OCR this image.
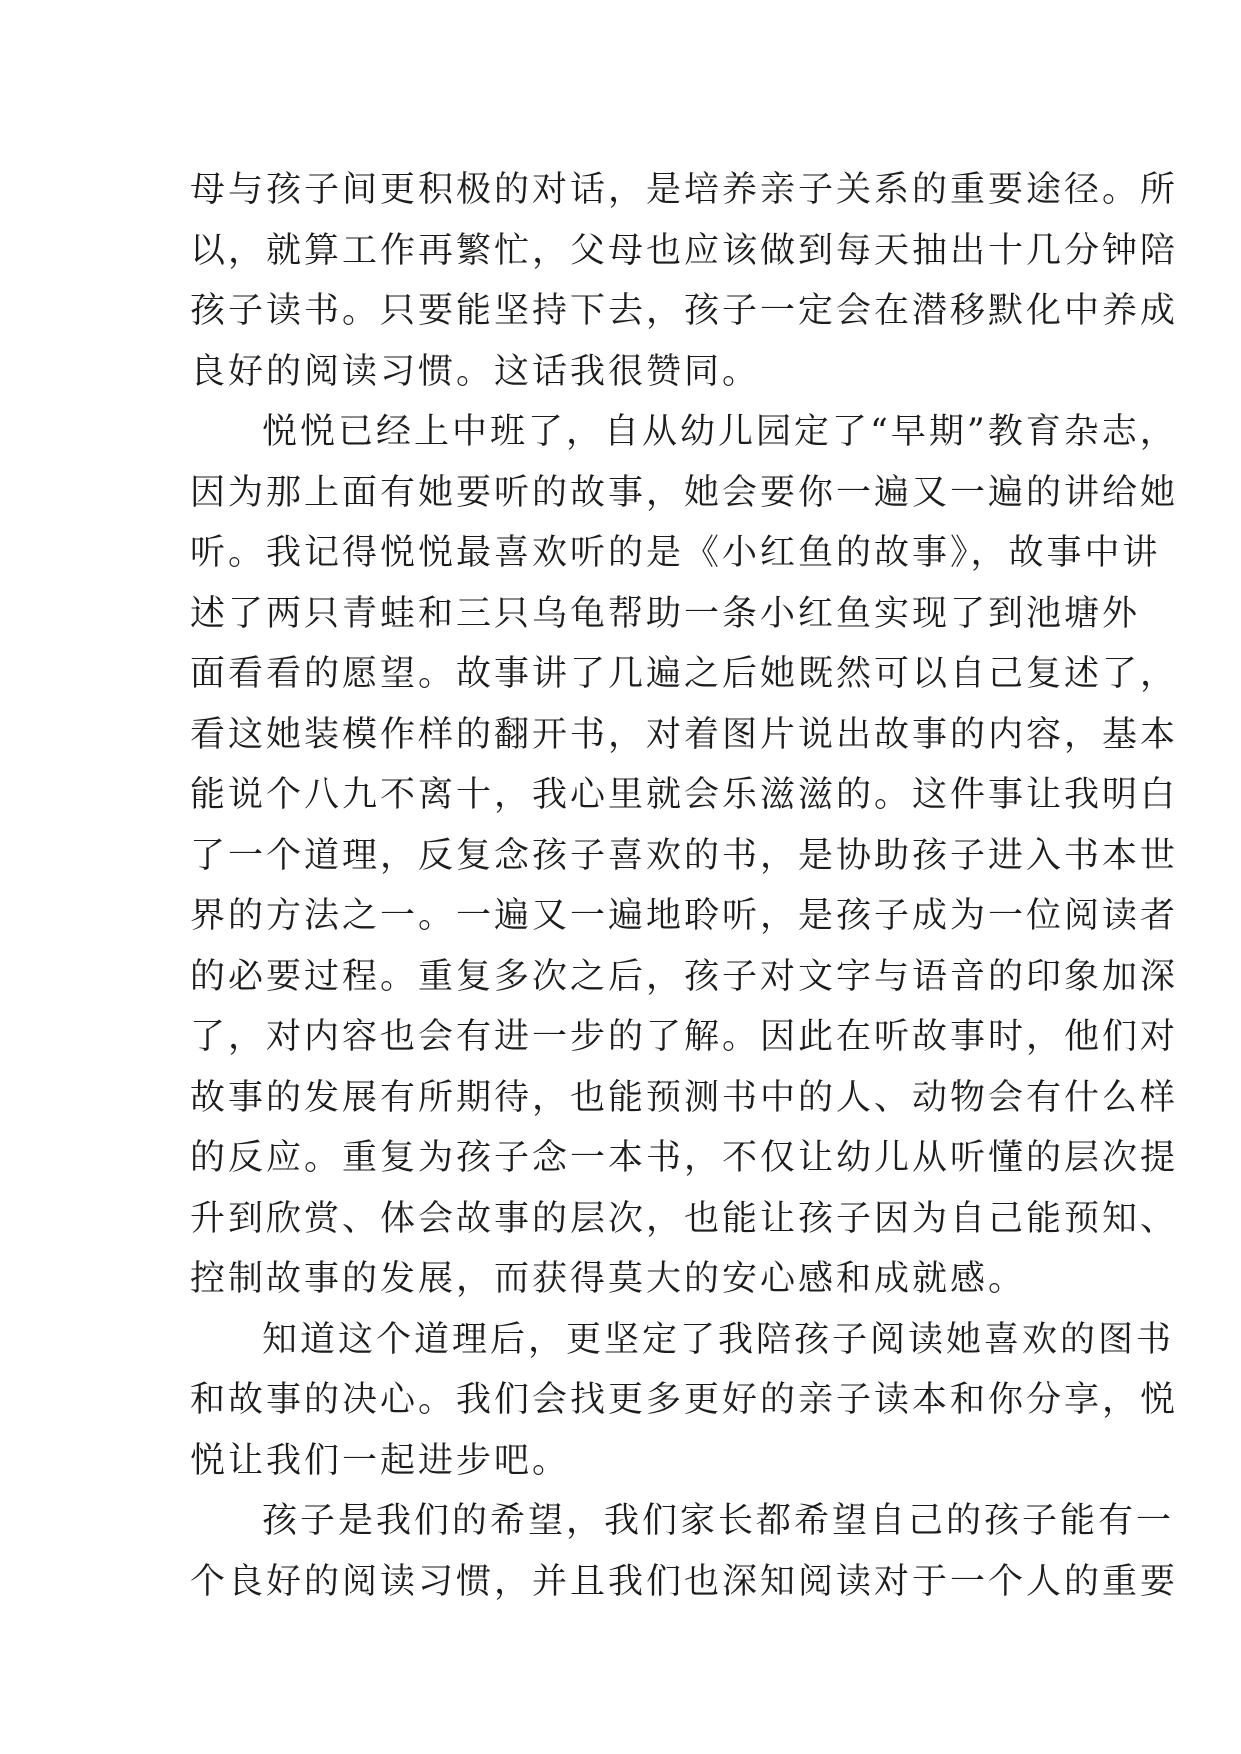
母与孩子间更积极的对话，是培养亲子关系的重要途径。所
以，就算工作再繁忙，父母也应该做到每天抽出十几分钟陪
孩子读书。只要能坚持下去，孩子一定会在潜移默化中养成
良好的阅读习惯。这话我很赞同。
悦悦已经上中班了，自从幼儿园定了“早期”教育杂志，
因为那上面有她要听的故事，她会要你一遍又一遍的讲给她
听。我记得悦悦最喜欢听的是《小红鱼的故事》，故事中讲
述了两只青蛙和三只乌龟帮助一条小红鱼实现了到池塘外
面看看的愿望。故事讲了几遍之后她既然可以自己复述了，
看这她装模作样的翻开书，对着图片说出故事的内容，基本
能说个八九不离十，我心里就会乐滋滋的。这件事让我明白
了一个道理，反复念孩子喜欢的书，是协助孩子进入书本世
界的方法之一。一遍又一遍地聆听，是孩子成为一位阅读者
的必要过程。重复多次之后，孩子对文字与语音的印象加深
了，对内容也会有进一步的了解。因此在听故事时，他们对
故事的发展有所期待，也能预测书中的人、动物会有什么样
的反应。重复为孩子念一本书，不仅让幼儿从听懂的层次提
升到欣赏、体会故事的层次，也能让孩子因为自己能预知、
控制故事的发展，而获得莫大的安心感和成就感。
知道这个道理后，更坚定了我陪孩子阅读她喜欢的图书
和故事的决心。我们会找更多更好的亲子读本和你分享，悦
悦让我们一起进步吧。
孩子是我们的希望，我们家长都希望自己的孩子能有一
个良好的阅读习惯，并且我们也深知阅读对于一个人的重要
